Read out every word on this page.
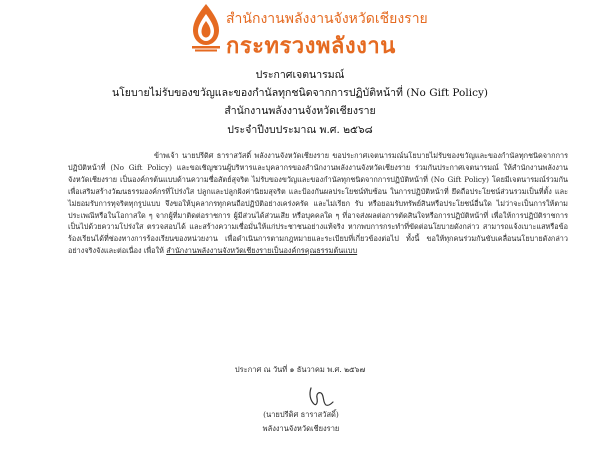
สำนักงานพลังงานจังหวัดเชียงราย
กระทรวงพลังงาน
ประกาศเจตนารมณ์
นโยบายไม่รับของขวัญและของกำนัลทุกชนิดจากการปฏิบัติหน้าที่ (No Gift Policy)
สำนักงานพลังงานจังหวัดเชียงราย
ประจำปีงบประมาณ พ.ศ. ๒๕๖๘
ข้าพเจ้า นายปรีดิศ ธาราสวัสดิ์ พลังงานจังหวัดเชียงราย ขอประกาศเจตนารมณ์นโยบายไม่รับของขวัญและของกำนัลทุกชนิดจากการปฏิบัติหน้าที่ (No Gift Policy) และขอเชิญชวนผู้บริหารและบุคลากรของสำนักงานพลังงานจังหวัดเชียงราย ร่วมกันประกาศเจตนารมณ์ ให้สำนักงานพลังงานจังหวัดเชียงราย เป็นองค์กรต้นแบบด้านความซื่อสัตย์สุจริต ไม่รับของขวัญและของกำนัลทุกชนิดจากการปฏิบัติหน้าที่ (No Gift Policy) โดยมีเจตนารมณ์ร่วมกันเพื่อเสริมสร้างวัฒนธรรมองค์กรที่โปร่งใส ปลูกและปลูกฝังค่านิยมสุจริต และป้องกันผลประโยชน์ทับซ้อน ในการปฏิบัติหน้าที่ ยึดถือประโยชน์ส่วนรวมเป็นที่ตั้ง และไม่ยอมรับการทุจริตทุกรูปแบบ จึงขอให้บุคลากรทุกคนถือปฏิบัติอย่างเคร่งครัด และไม่เรียก รับ หรือยอมรับทรัพย์สินหรือประโยชน์อื่นใด ไม่ว่าจะเป็นการให้ตามประเพณีหรือในโอกาสใด ๆ จากผู้ที่มาติดต่อราชการ ผู้มีส่วนได้ส่วนเสีย หรือบุคคลใด ๆ ที่อาจส่งผลต่อการตัดสินใจหรือการปฏิบัติหน้าที่ เพื่อให้การปฏิบัติราชการเป็นไปด้วยความโปร่งใส ตรวจสอบได้ และสร้างความเชื่อมั่นให้แก่ประชาชนอย่างแท้จริง หากพบการกระทำที่ขัดต่อนโยบายดังกล่าว สามารถแจ้งเบาะแสหรือข้อร้องเรียนได้ที่ช่องทางการร้องเรียนของหน่วยงาน เพื่อดำเนินการตามกฎหมายและระเบียบที่เกี่ยวข้องต่อไป ทั้งนี้ ขอให้ทุกคนร่วมกันขับเคลื่อนนโยบายดังกล่าวอย่างจริงจังและต่อเนื่อง เพื่อให้ สำนักงานพลังงานจังหวัดเชียงรายเป็นองค์กรคุณธรรมต้นแบบ
ประกาศ ณ วันที่ ๑ ธันวาคม พ.ศ. ๒๕๖๗
(นายปรีดิศ ธาราสวัสดิ์)
พลังงานจังหวัดเชียงราย
